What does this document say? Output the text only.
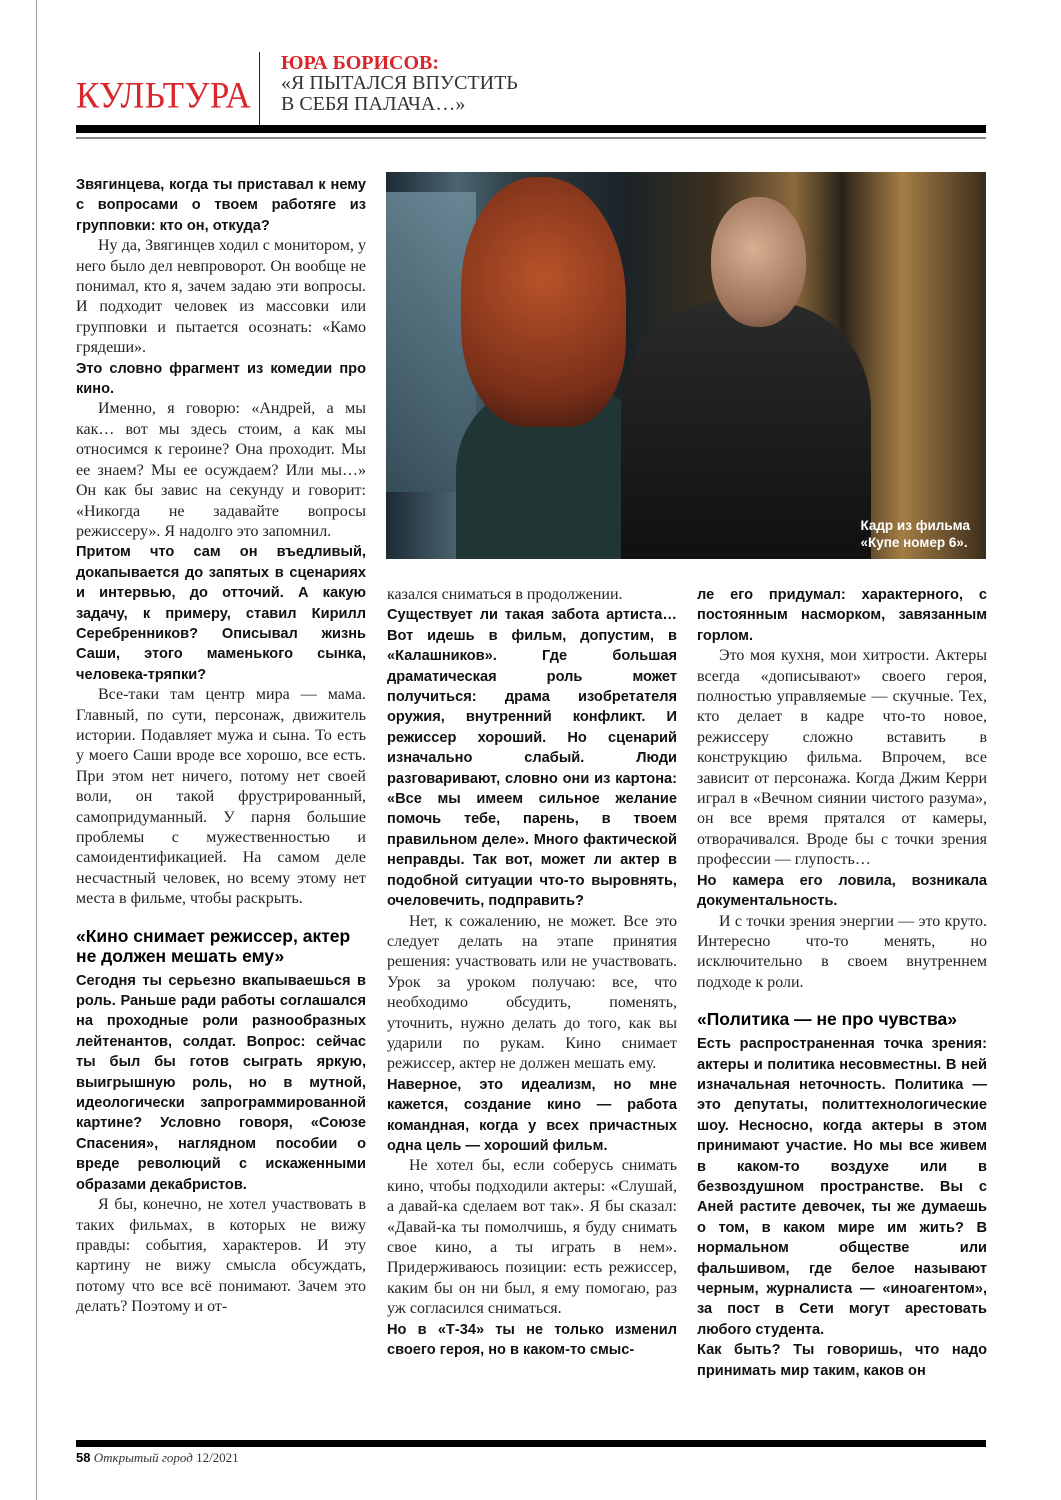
КУЛЬТУРА
ЮРА БОРИСОВ:
«Я ПЫТАЛСЯ ВПУСТИТЬ
В СЕБЯ ПАЛАЧА…»
Кадр из фильма
«Купе номер 6».

Звягинцева, когда ты приставал к нему с вопросами о твоем работяге из групповки: кто он, откуда?

Ну да, Звягинцев ходил с монитором, у него было дел невпроворот. Он вообще не понимал, кто я, зачем задаю эти вопросы. И подходит человек из массовки или групповки и пытается осознать: «Камо грядеши».

Это словно фрагмент из комедии про кино.

Именно, я говорю: «Андрей, а мы как… вот мы здесь стоим, а как мы относимся к героине? Она проходит. Мы ее знаем? Мы ее осуждаем? Или мы…» Он как бы завис на секунду и говорит: «Никогда не задавайте вопросы режиссеру». Я надолго это запомнил.

Притом что сам он въедливый, докапывается до запятых в сценариях и интервью, до отточий. А какую задачу, к примеру, ставил Кирилл Серебренников? Описывал жизнь Саши, этого маменького сынка, человека-тряпки?

Все-таки там центр мира — мама. Главный, по сути, персонаж, движитель истории. Подавляет мужа и сына. То есть у моего Саши вроде все хорошо, все есть. При этом нет ничего, потому нет своей воли, он такой фрустрированный, самопридуманный. У парня большие проблемы с мужественностью и самоидентификацией. На самом деле несчастный человек, но всему этому нет места в фильме, чтобы раскрыть.

«Кино снимает режиссер, актер не должен мешать ему»

Сегодня ты серьезно вкапываешься в роль. Раньше ради работы соглашался на проходные роли разнообразных лейтенантов, солдат. Вопрос: сейчас ты был бы готов сыграть яркую, выигрышную роль, но в мутной, идеологически запрограммированной картине? Условно говоря, «Союзе Спасения», наглядном пособии о вреде революций с искаженными образами декабристов.

Я бы, конечно, не хотел участвовать в таких фильмах, в которых не вижу правды: события, характеров. И эту картину не вижу смысла обсуждать, потому что все всё понимают. Зачем это делать? Поэтому и от-

казался сниматься в продолжении.

Существует ли такая забота артиста… Вот идешь в фильм, допустим, в «Калашников». Где большая драматическая роль может получиться: драма изобретателя оружия, внутренний конфликт. И режиссер хороший. Но сценарий изначально слабый. Люди разговаривают, словно они из картона: «Все мы имеем сильное желание помочь тебе, парень, в твоем правильном деле». Много фактической неправды. Так вот, может ли актер в подобной ситуации что-то выровнять, очеловечить, подправить?

Нет, к сожалению, не может. Все это следует делать на этапе принятия решения: участвовать или не участвовать. Урок за уроком получаю: все, что необходимо обсудить, поменять, уточнить, нужно делать до того, как вы ударили по рукам. Кино снимает режиссер, актер не должен мешать ему.

Наверное, это идеализм, но мне кажется, создание кино — работа командная, когда у всех причастных одна цель — хороший фильм.

Не хотел бы, если соберусь снимать кино, чтобы подходили актеры: «Слушай, а давай-ка сделаем вот так». Я бы сказал: «Давай-ка ты помолчишь, я буду снимать свое кино, а ты играть в нем». Придерживаюсь позиции: есть режиссер, каким бы он ни был, я ему помогаю, раз уж согласился сниматься.

Но в «Т-34» ты не только изменил своего героя, но в каком-то смыс-

ле его придумал: характерного, с постоянным насморком, завязанным горлом.

Это моя кухня, мои хитрости. Актеры всегда «дописывают» своего героя, полностью управляемые — скучные. Тех, кто делает в кадре что-то новое, режиссеру сложно вставить в конструкцию фильма. Впрочем, все зависит от персонажа. Когда Джим Керри играл в «Вечном сиянии чистого разума», он все время прятался от камеры, отворачивался. Вроде бы с точки зрения профессии — глупость…

Но камера его ловила, возникала документальность.

И с точки зрения энергии — это круто. Интересно что-то менять, но исключительно в своем внутреннем подходе к роли.

«Политика — не про чувства»

Есть распространенная точка зрения: актеры и политика несовместны. В ней изначальная неточность. Политика — это депутаты, политтехнологические шоу. Несносно, когда актеры в этом принимают участие. Но мы все живем в каком-то воздухе или в безвоздушном пространстве. Вы с Аней растите девочек, ты же думаешь о том, в каком мире им жить? В нормальном обществе или фальшивом, где белое называют черным, журналиста — «иноагентом», за пост в Сети могут арестовать любого студента.

Как быть? Ты говоришь, что надо принимать мир таким, каков он

58 Открытый город 12/2021
